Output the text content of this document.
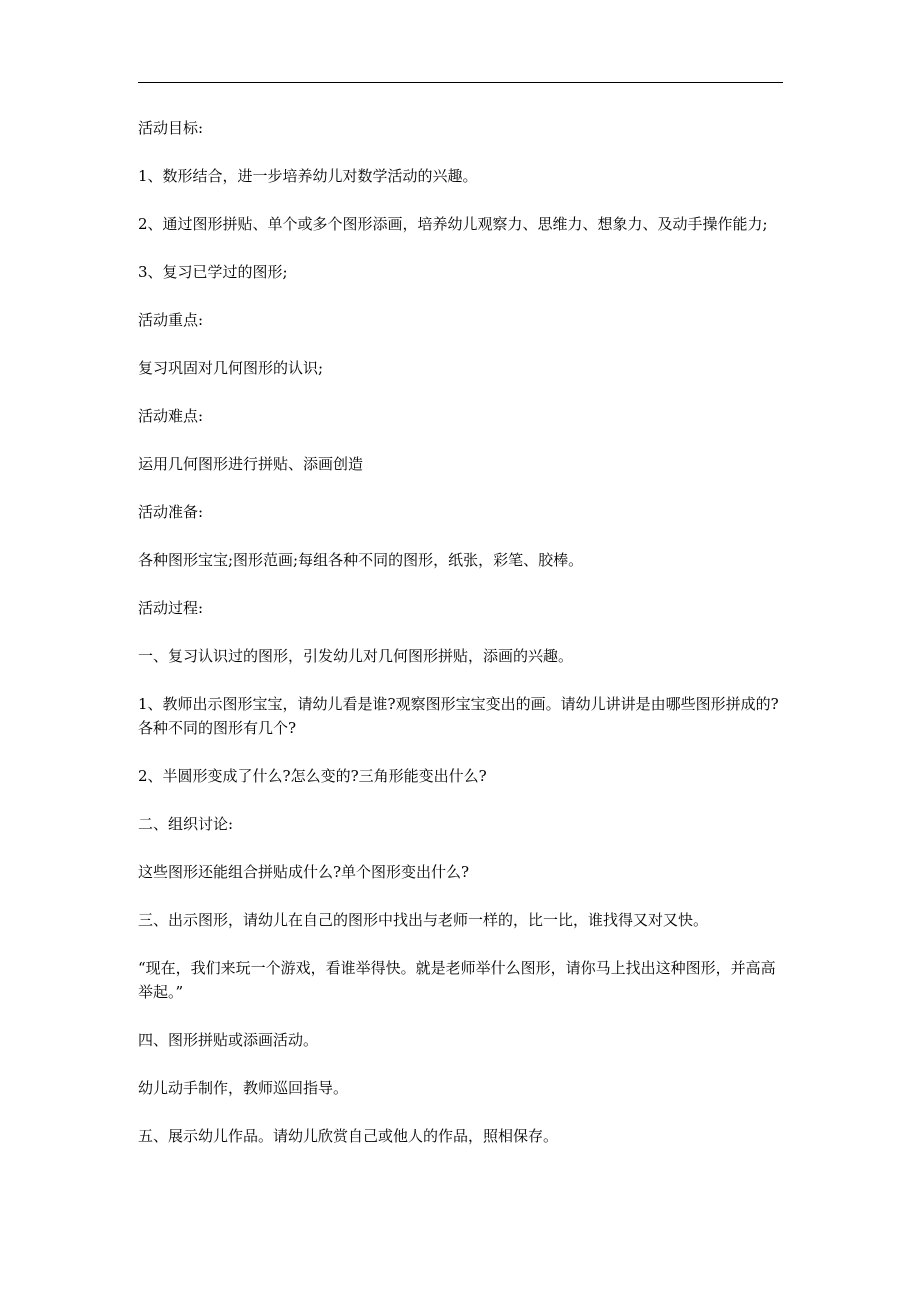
活动目标:

1、数形结合，进一步培养幼儿对数学活动的兴趣。

2、通过图形拼贴、单个或多个图形添画，培养幼儿观察力、思维力、想象力、及动手操作能力;

3、复习已学过的图形;

活动重点:

复习巩固对几何图形的认识;

活动难点:

运用几何图形进行拼贴、添画创造

活动准备:

各种图形宝宝;图形范画;每组各种不同的图形，纸张，彩笔、胶棒。

活动过程:

一、复习认识过的图形，引发幼儿对几何图形拼贴，添画的兴趣。

1、教师出示图形宝宝，请幼儿看是谁?观察图形宝宝变出的画。请幼儿讲讲是由哪些图形拼成的?各种不同的图形有几个?

2、半圆形变成了什么?怎么变的?三角形能变出什么?

二、组织讨论:

这些图形还能组合拼贴成什么?单个图形变出什么?

三、出示图形，请幼儿在自己的图形中找出与老师一样的，比一比，谁找得又对又快。

“现在，我们来玩一个游戏，看谁举得快。就是老师举什么图形，请你马上找出这种图形，并高高举起。”

四、图形拼贴或添画活动。

幼儿动手制作，教师巡回指导。

五、展示幼儿作品。请幼儿欣赏自己或他人的作品，照相保存。
